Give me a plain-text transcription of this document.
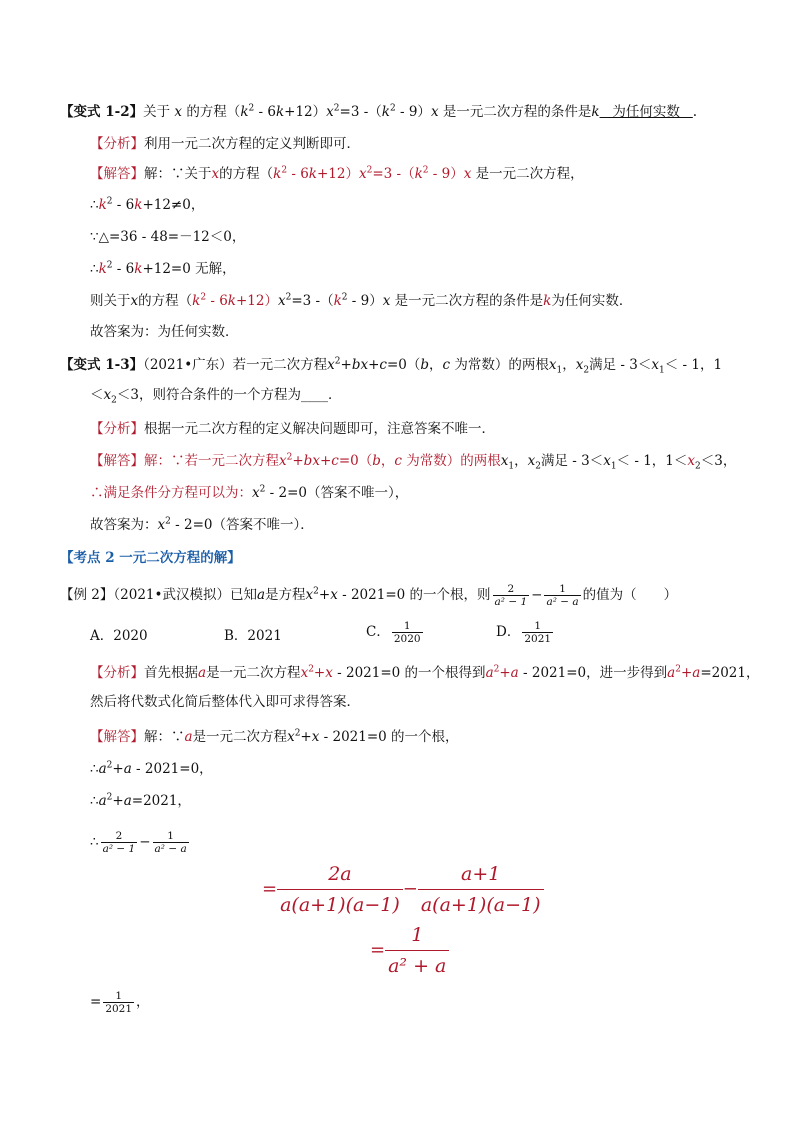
【变式 1-2】关于 x 的方程$(k^2 - 6k+12)x^2=3$ $-(k^2 - 9)x$ 是一元二次方程的条件是k   为任何实数   .
【分析】利用一元二次方程的定义判断即可．
【解答】解：∵关于x的方程$(k^2 - 6k+12)x^2=3$ $-(k^2 - 9)x$ 是一元二次方程，
$\therefore k^2 - 6k+12\ne 0$，
∵△=36 - 48=－12＜0，
$\therefore k^2 - 6k+12=0$ 无解，
则关于x的方程$(k^2 - 6k+12)x^2=3$ $-(k^2 - 9)x$ 是一元二次方程的条件是k为任何实数．
故答案为：为任何实数．
【变式 1-3】（2021•广东）若一元二次方程$x^2+bx+c=0(b$，c 为常数）的两根$x_1$，$x_2$满足 - $3<x_1< - 1$，1
$<x_2<3$，则符合条件的一个方程为____．
【分析】根据一元二次方程的定义解决问题即可，注意答案不唯一．
【解答】解：∵若一元二次方程$x^2+bx+c=0(b$，c 为常数）的两根$x_1$，$x_2$满足 - $3<x_1< - 1$，$1<x_2<3$，
∴满足条件分方程可以为：$x^2 - 2=0$（答案不唯一），
故答案为：$x^2 - 2=0$（答案不唯一）．
【考点 2 一元二次方程的解】
【例 2】（2021•武汉模拟）已知a是方程$x^2+x - 2021=0$ 的一个根，则 $\frac{2}{\text{a² − 1}} - \frac{1}{\text{a² − a}}$ 的值为（　　）
A．2020	B．2021	C． $\frac{1}{2020}$	D． $\frac{1}{2021}$
【分析】首先根据a是一元二次方程$x^2+x - 2021=0$ 的一个根得到$a^2+a - 2021=0$，进一步得到$a^2+a=2021$，
然后将代数式化简后整体代入即可求得答案．
【解答】解：∵a是一元二次方程$x^2+x - 2021=0$ 的一个根，
$\therefore a^2+a - 2021=0$，
$\therefore a^2+a=2021$，
∴ $\frac{2}{\text{a² − 1}} - \frac{1}{\text{a² − a}}$
= $\frac{2a}{a(a+1)(a-1)} - \frac{a+1}{a(a+1)(a-1)}$
= $\frac{1}{\text{a² + a}}$
= $\frac{1}{2021}$ ，
